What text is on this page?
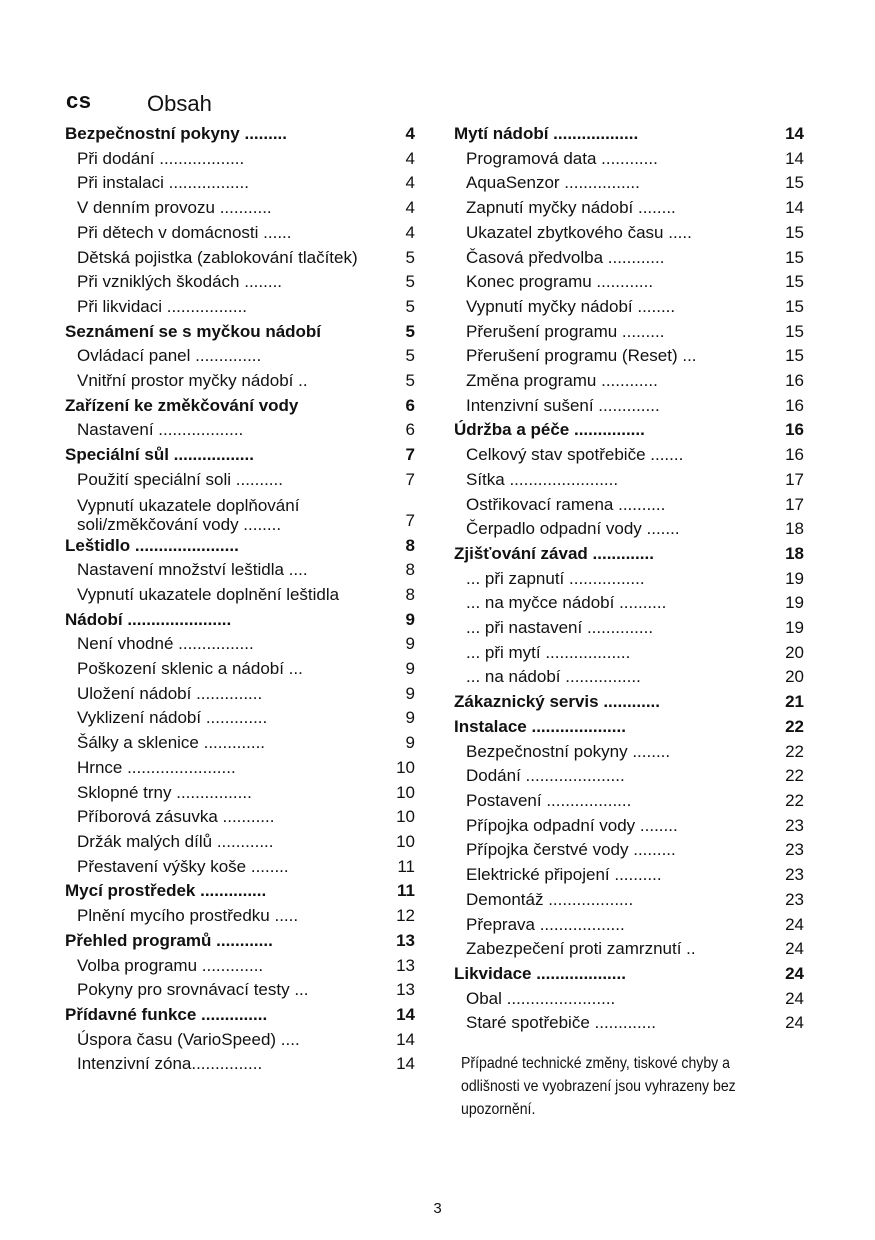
cs	Obsah
Bezpečnostní pokyny .........	4
Při dodání ..................	4
Při instalaci .................	4
V denním provozu ...........	4
Při dětech v domácnosti ......	4
Dětská pojistka (zablokování tlačítek)	5
Při vzniklých škodách ........	5
Při likvidaci .................	5
Seznámení se s myčkou nádobí	5
Ovládací panel ..............	5
Vnitřní prostor myčky nádobí ..	5
Zařízení ke změkčování vody	6
Nastavení ..................	6
Speciální sůl .................	7
Použití speciální soli ..........	7
Vypnutí ukazatele doplňování soli/změkčování vody ........	7
Leštidlo ......................	8
Nastavení množství leštidla ....	8
Vypnutí ukazatele doplnění leštidla	8
Nádobí ......................	9
Není vhodné ................	9
Poškození sklenic a nádobí ...	9
Uložení nádobí ..............	9
Vyklizení nádobí .............	9
Šálky a sklenice .............	9
Hrnce .......................	10
Sklopné trny ................	10
Příborová zásuvka ...........	10
Držák malých dílů ............	10
Přestavení výšky koše ........	11
Mycí prostředek ..............	11
Plnění mycího prostředku .....	12
Přehled programů ............	13
Volba programu .............	13
Pokyny pro srovnávací testy ...	13
Přídavné funkce ..............	14
Úspora času (VarioSpeed) ....	14
Intenzivní zóna...............	14
Mytí nádobí ..................	14
Programová data ............	14
AquaSenzor ................	15
Zapnutí myčky nádobí ........	14
Ukazatel zbytkového času .....	15
Časová předvolba ............	15
Konec programu ............	15
Vypnutí myčky nádobí ........	15
Přerušení programu .........	15
Přerušení programu (Reset) ...	15
Změna programu ............	16
Intenzivní sušení .............	16
Údržba a péče ...............	16
Celkový stav spotřebiče .......	16
Sítka .......................	17
Ostřikovací ramena ..........	17
Čerpadlo odpadní vody .......	18
Zjišťování závad .............	18
... při zapnutí ................	19
... na myčce nádobí ..........	19
... při nastavení ..............	19
... při mytí ..................	20
... na nádobí ................	20
Zákaznický servis ............	21
Instalace ....................	22
Bezpečnostní pokyny ........	22
Dodání .....................	22
Postavení ..................	22
Přípojka odpadní vody ........	23
Přípojka čerstvé vody .........	23
Elektrické připojení ..........	23
Demontáž ..................	23
Přeprava ..................	24
Zabezpečení proti zamrznutí ..	24
Likvidace ...................	24
Obal .......................	24
Staré spotřebiče .............	24
Případné technické změny, tiskové chyby a odlišnosti ve vyobrazení jsou vyhrazeny bez upozornění.
3
